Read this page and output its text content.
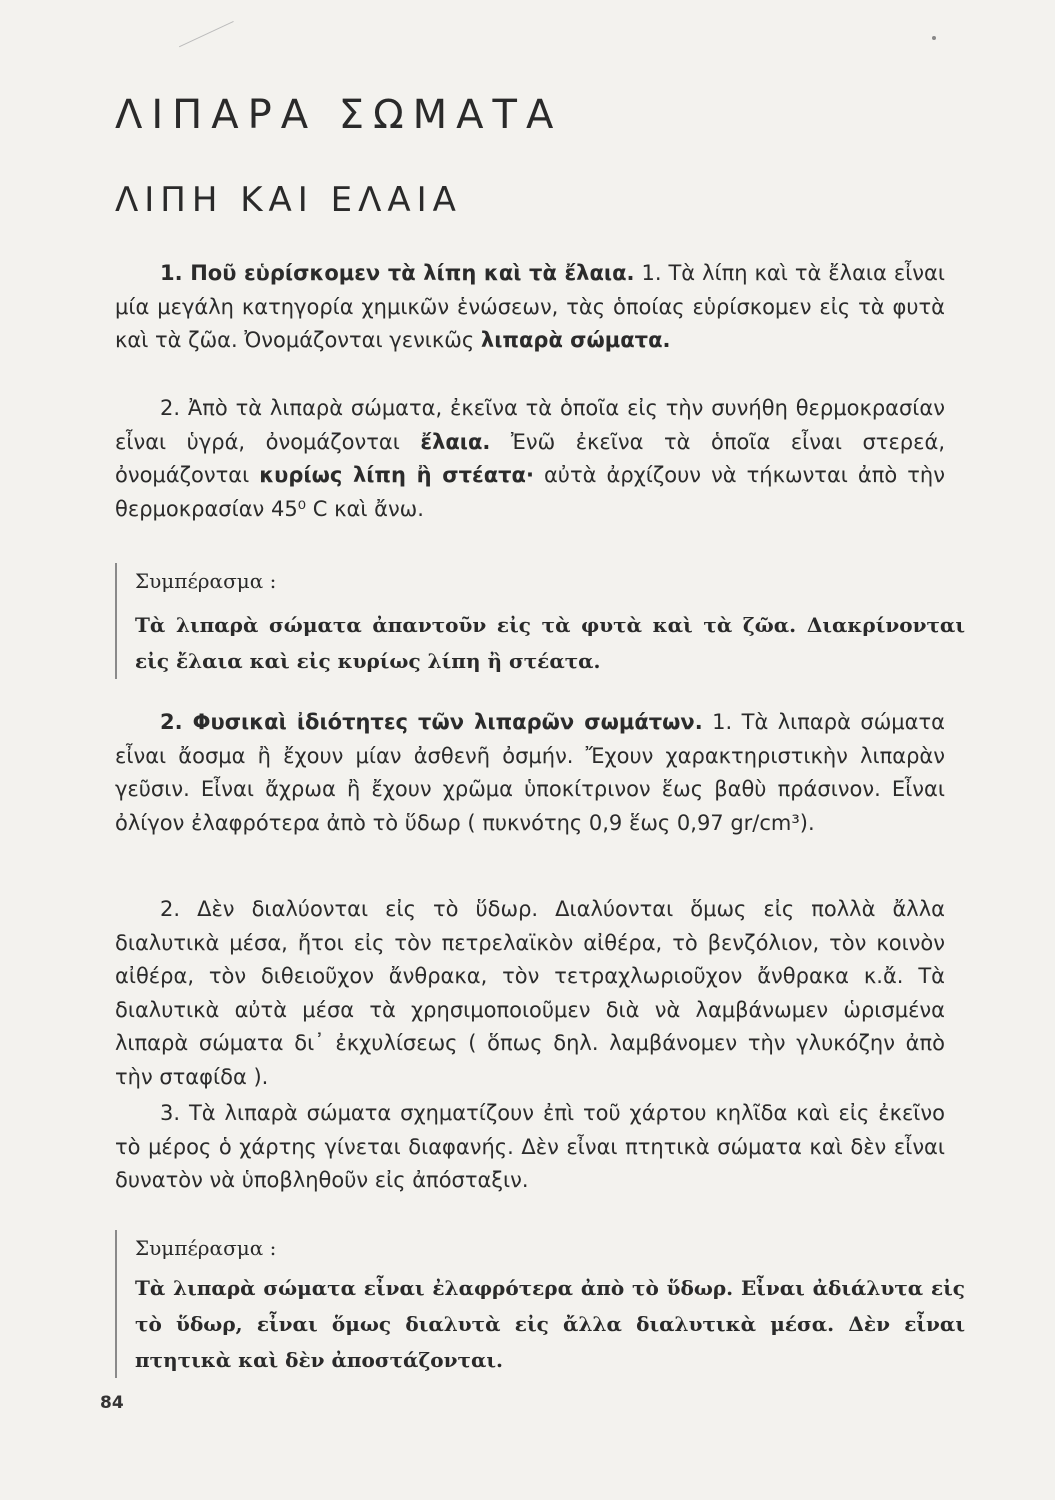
ΛΙΠΑΡΑ ΣΩΜΑΤΑ
ΛΙΠΗ ΚΑΙ ΕΛΑΙΑ

1. Ποῦ εὑρίσκομεν τὰ λίπη καὶ τὰ ἔλαια. 1. Τὰ λίπη καὶ τὰ ἔλαια εἶναι μία μεγάλη κατηγορία χημικῶν ἑνώσεων, τὰς ὁποίας εὑρίσκομεν εἰς τὰ φυτὰ καὶ τὰ ζῶα. Ὀνομάζονται γενικῶς λιπαρὰ σώματα.

2. Ἀπὸ τὰ λιπαρὰ σώματα, ἐκεῖνα τὰ ὁποῖα εἰς τὴν συνήθη θερμοκρασίαν εἶναι ὑγρά, ὀνομάζονται ἔλαια. Ἐνῶ ἐκεῖνα τὰ ὁποῖα εἶναι στερεά, ὀνομάζονται κυρίως λίπη ἢ στέατα· αὐτὰ ἀρχίζουν νὰ τήκωνται ἀπὸ τὴν θερμοκρασίαν 45⁰ C καὶ ἄνω.

Συμπέρασμα :
Τὰ λιπαρὰ σώματα ἀπαντοῦν εἰς τὰ φυτὰ καὶ τὰ ζῶα. Διακρίνονται εἰς ἔλαια καὶ εἰς κυρίως λίπη ἢ στέατα.

2. Φυσικαὶ ἰδιότητες τῶν λιπαρῶν σωμάτων. 1. Τὰ λιπαρὰ σώματα εἶναι ἄοσμα ἢ ἔχουν μίαν ἀσθενῆ ὀσμήν. Ἔχουν χαρακτηριστικὴν λιπαρὰν γεῦσιν. Εἶναι ἄχρωα ἢ ἔχουν χρῶμα ὑποκίτρινον ἕως βαθὺ πράσινον. Εἶναι ὀλίγον ἐλαφρότερα ἀπὸ τὸ ὕδωρ ( πυκνότης 0,9 ἕως 0,97 gr/cm³).

2. Δὲν διαλύονται εἰς τὸ ὕδωρ. Διαλύονται ὅμως εἰς πολλὰ ἄλλα διαλυτικὰ μέσα, ἤτοι εἰς τὸν πετρελαϊκὸν αἰθέρα, τὸ βενζόλιον, τὸν κοινὸν αἰθέρα, τὸν διθειοῦχον ἄνθρακα, τὸν τετραχλωριοῦχον ἄνθρακα κ.ἄ. Τὰ διαλυτικὰ αὐτὰ μέσα τὰ χρησιμοποιοῦμεν διὰ νὰ λαμβάνωμεν ὡρισμένα λιπαρὰ σώματα δι᾿ ἐκχυλίσεως ( ὅπως δηλ. λαμβάνομεν τὴν γλυκόζην ἀπὸ τὴν σταφίδα ).

3. Τὰ λιπαρὰ σώματα σχηματίζουν ἐπὶ τοῦ χάρτου κηλῖδα καὶ εἰς ἐκεῖνο τὸ μέρος ὁ χάρτης γίνεται διαφανής. Δὲν εἶναι πτητικὰ σώματα καὶ δὲν εἶναι δυνατὸν νὰ ὑποβληθοῦν εἰς ἀπόσταξιν.

Συμπέρασμα :
Τὰ λιπαρὰ σώματα εἶναι ἐλαφρότερα ἀπὸ τὸ ὕδωρ. Εἶναι ἀδιάλυτα εἰς τὸ ὕδωρ, εἶναι ὅμως διαλυτὰ εἰς ἄλλα διαλυτικὰ μέσα. Δὲν εἶναι πτητικὰ καὶ δὲν ἀποστάζονται.
84
